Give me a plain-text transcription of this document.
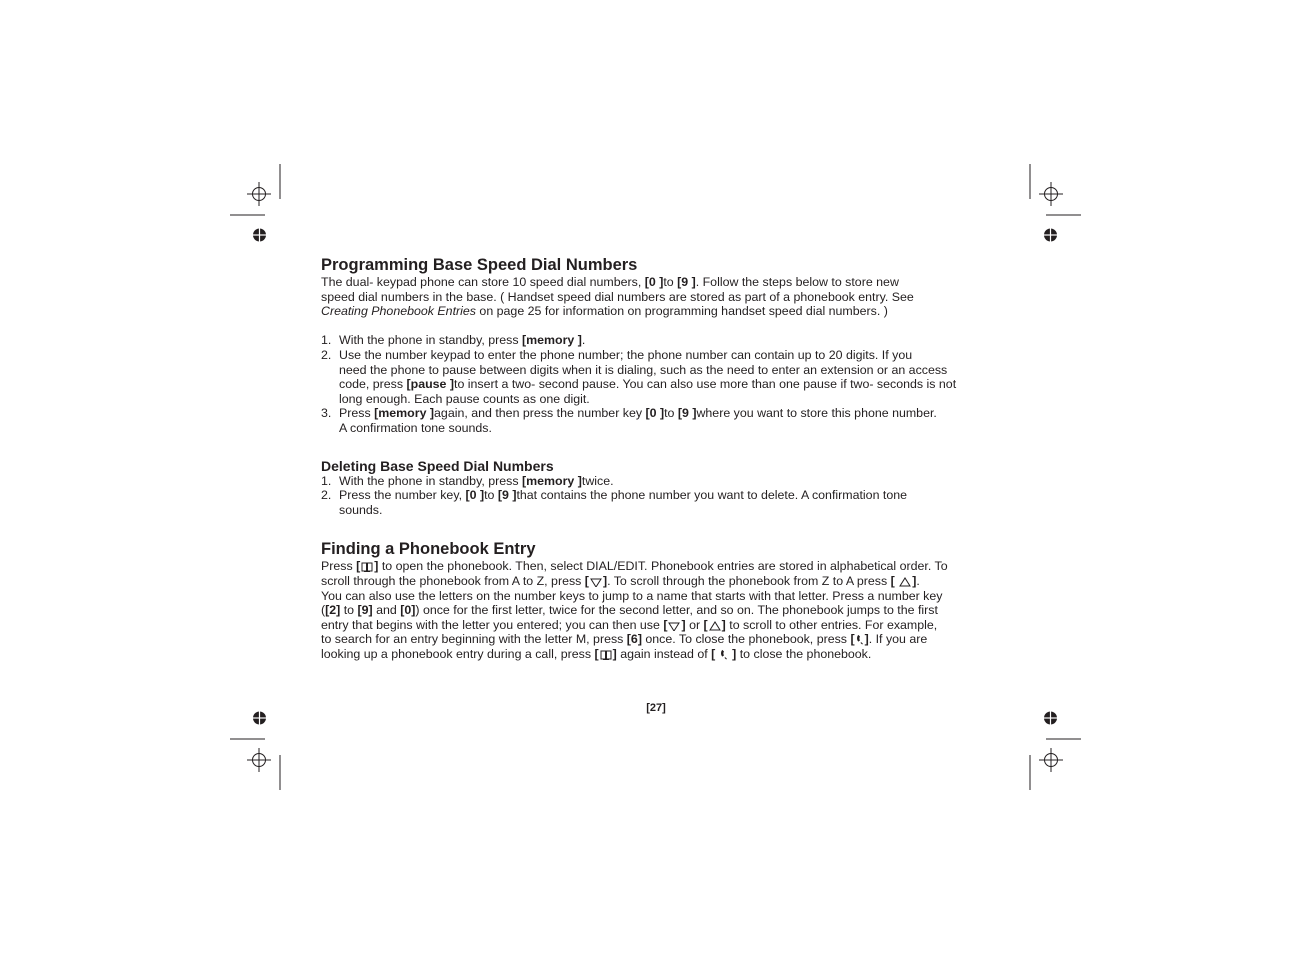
Programming Base Speed Dial Numbers

The dual- keypad phone can store 10 speed dial numbers, [0 ]to [9 ]. Follow the steps below to store new
speed dial numbers in the base. ( Handset speed dial numbers are stored as part of a phonebook entry. See
Creating Phonebook Entries on page 25 for information on programming handset speed dial numbers. )

1. With the phone in standby, press [memory ].
2. Use the number keypad to enter the phone number; the phone number can contain up to 20 digits. If you
need the phone to pause between digits when it is dialing, such as the need to enter an extension or an access
code, press [pause ]to insert a two- second pause. You can also use more than one pause if two- seconds is not
long enough. Each pause counts as one digit.
3. Press [memory ]again, and then press the number key [0 ]to [9 ]where you want to store this phone number.
A confirmation tone sounds.
Deleting Base Speed Dial Numbers
1. With the phone in standby, press [memory ]twice.
2. Press the number key, [0 ]to [9 ]that contains the phone number you want to delete. A confirmation tone
sounds.
Finding a Phonebook Entry

Press [ ] to open the phonebook. Then, select DIAL/EDIT. Phonebook entries are stored in alphabetical order. To
scroll through the phonebook from A to Z, press [ ]. To scroll through the phonebook from Z to A press [ ].
You can also use the letters on the number keys to jump to a name that starts with that letter. Press a number key
([2] to [9] and [0]) once for the first letter, twice for the second letter, and so on. The phonebook jumps to the first
entry that begins with the letter you entered; you can then use [ ] or [ ] to scroll to other entries. For example,
to search for an entry beginning with the letter M, press [6] once. To close the phonebook, press [ ]. If you are
looking up a phonebook entry during a call, press [ ] again instead of [  ] to close the phonebook.

[27]
